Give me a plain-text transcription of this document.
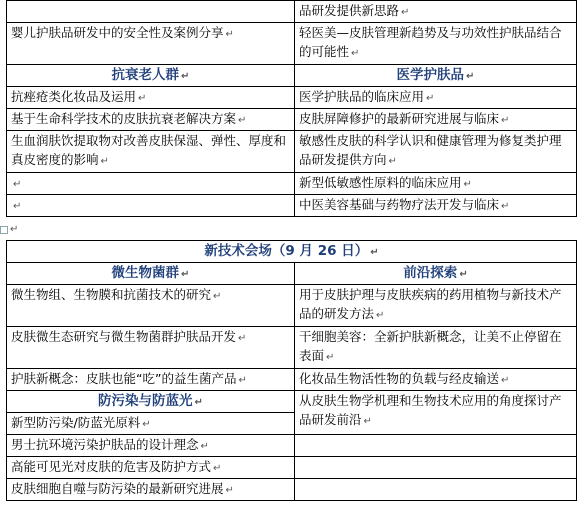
	品研发提供新思路 ↵
婴儿护肤品研发中的安全性及案例分享 ↵	轻医美—皮肤管理新趋势及与功效性护肤品结合的可能性 ↵
抗衰老人群 ↵	医学护肤品 ↵
抗痤疮类化妆品及运用 ↵	医学护肤品的临床应用 ↵
基于生命科学技术的皮肤抗衰老解决方案 ↵	皮肤屏障修护的最新研究进展与临床 ↵
生血润肤饮提取物对改善皮肤保湿、弹性、厚度和真皮密度的影响 ↵	敏感性皮肤的科学认识和健康管理为修复类护理品研发提供方向 ↵
↵	新型低敏感性原料的临床应用 ↵
↵	中医美容基础与药物疗法开发与临床 ↵
↵
新技术会场（9 月 26 日） ↵	
微生物菌群 ↵	前沿探索 ↵
微生物组、生物膜和抗菌技术的研究 ↵	用于皮肤护理与皮肤疾病的药用植物与新技术产品的研发方法 ↵
皮肤微生态研究与微生物菌群护肤品开发 ↵	干细胞美容：全新护肤新概念，让美不止停留在表面 ↵
护肤新概念：皮肤也能“吃”的益生菌产品 ↵	化妆品生物活性物的负载与经皮输送 ↵
防污染与防蓝光 ↵	从皮肤生物学机理和生物技术应用的角度探讨产品研发前沿 ↵
新型防污染/防蓝光原料 ↵	
男士抗环境污染护肤品的设计理念 ↵	
高能可见光对皮肤的危害及防护方式 ↵	
皮肤细胞自噬与防污染的最新研究进展 ↵	
